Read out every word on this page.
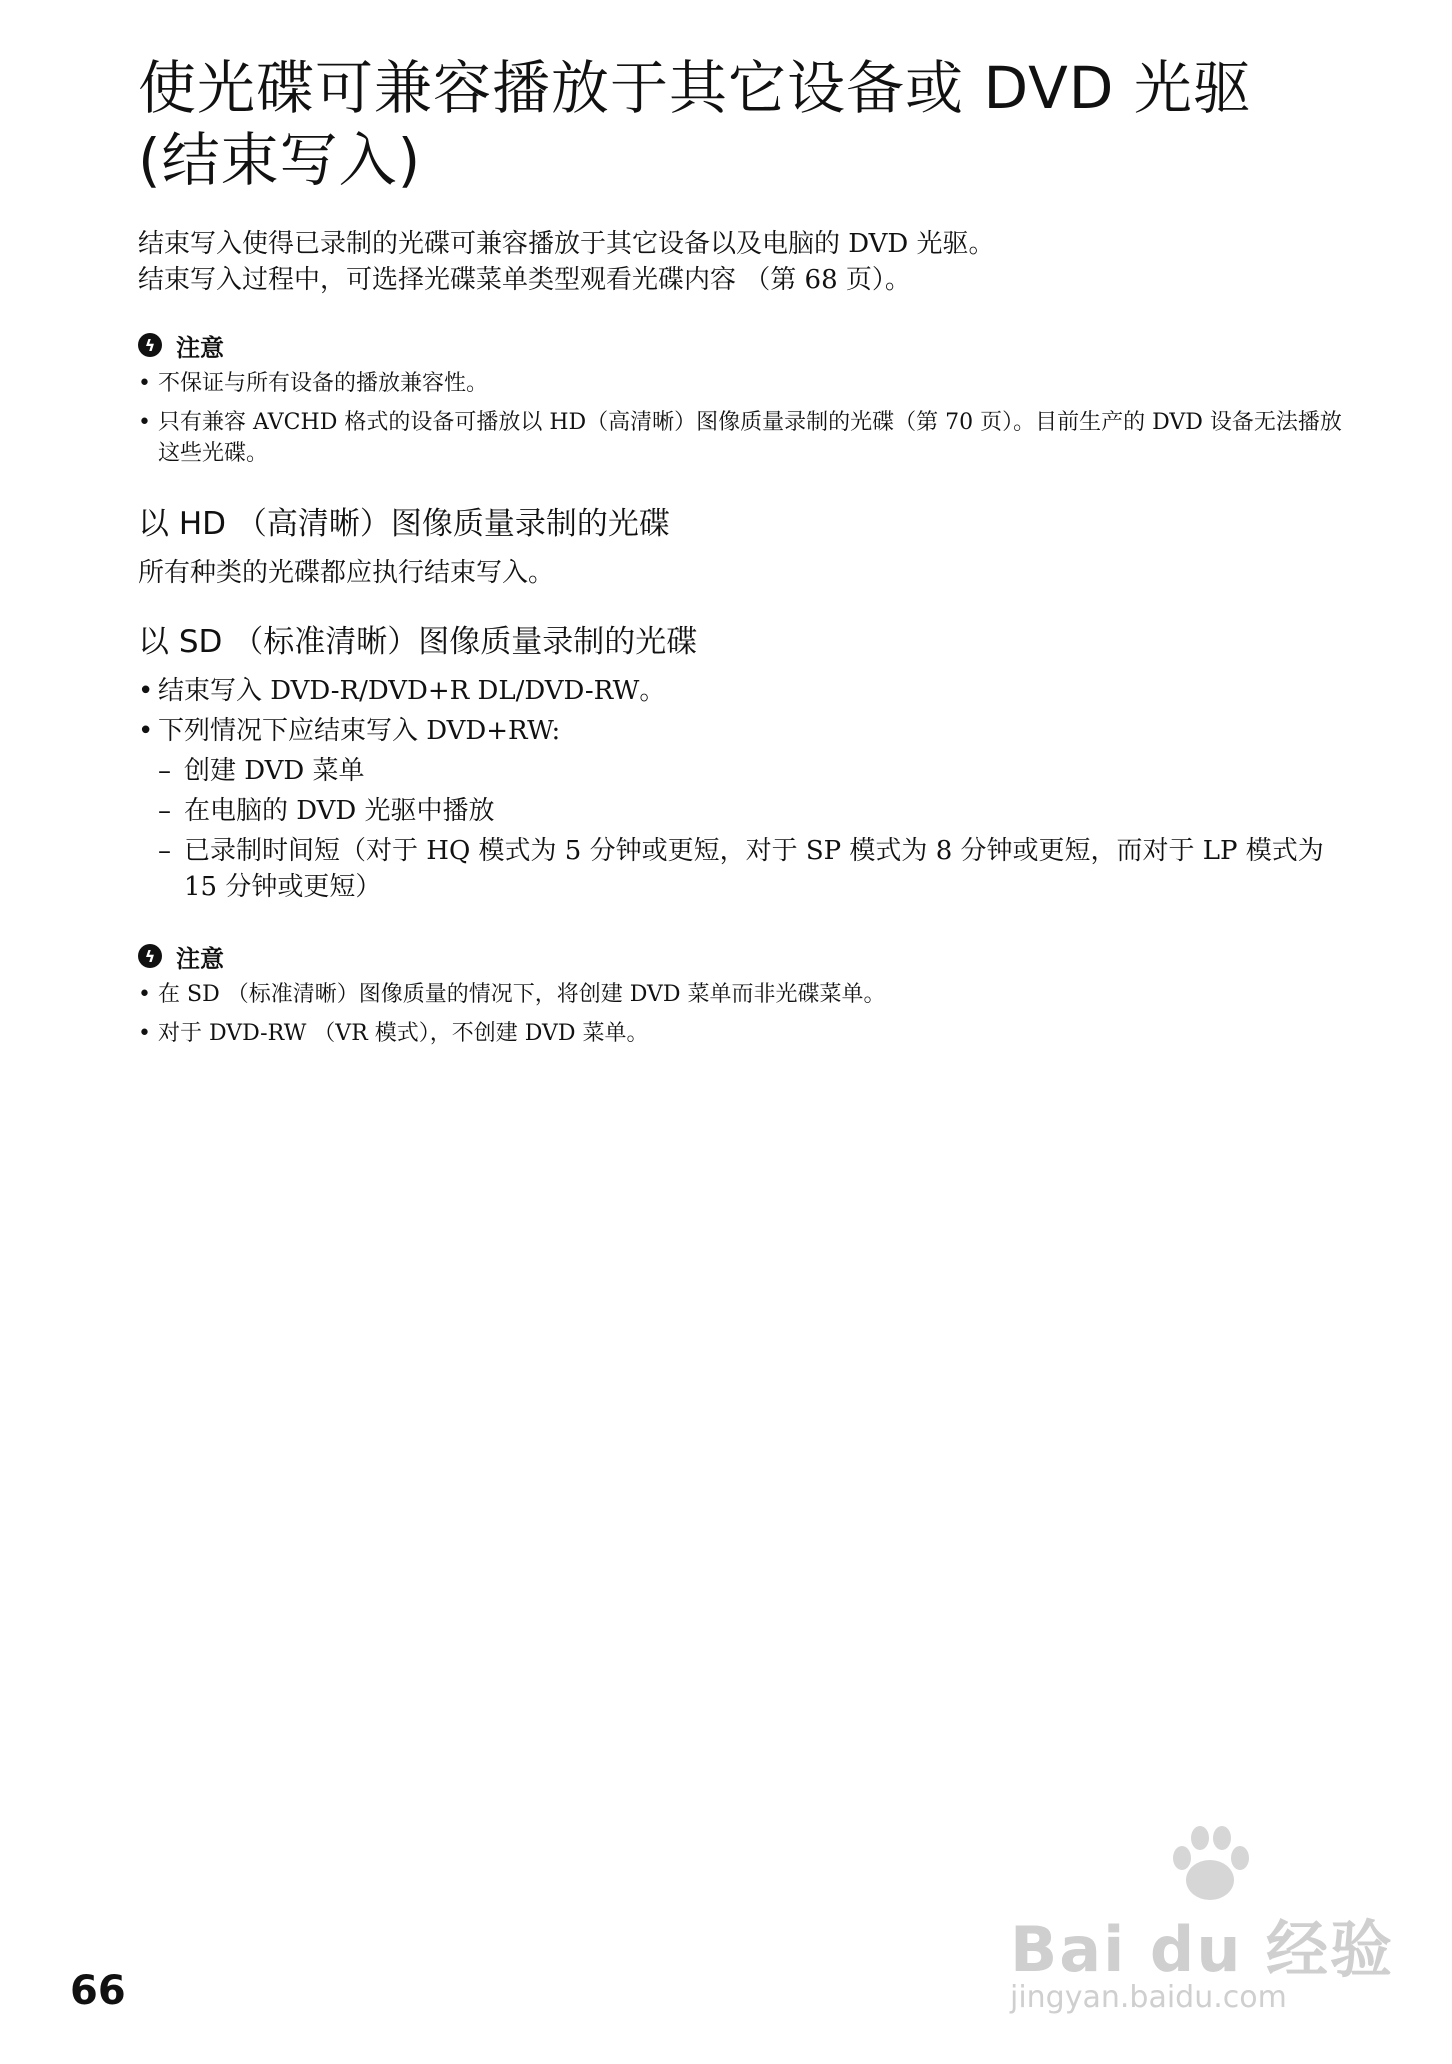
使光碟可兼容播放于其它设备或 DVD 光驱
(结束写入)

结束写入使得已录制的光碟可兼容播放于其它设备以及电脑的 DVD 光驱。

结束写入过程中，可选择光碟菜单类型观看光碟内容 （第 68 页）。

ϟ 注意
• 不保证与所有设备的播放兼容性。
• 只有兼容 AVCHD 格式的设备可播放以 HD（高清晰）图像质量录制的光碟（第 70 页）。目前生产的 DVD 设备无法播放这些光碟。
以 HD （高清晰）图像质量录制的光碟

所有种类的光碟都应执行结束写入。

以 SD （标准清晰）图像质量录制的光碟
• 结束写入 DVD-R/DVD+R DL/DVD-RW。
• 下列情况下应结束写入 DVD+RW:
– 创建 DVD 菜单
– 在电脑的 DVD 光驱中播放
– 已录制时间短（对于 HQ 模式为 5 分钟或更短，对于 SP 模式为 8 分钟或更短，而对于 LP 模式为 15 分钟或更短）
ϟ 注意
• 在 SD （标准清晰）图像质量的情况下，将创建 DVD 菜单而非光碟菜单。
• 对于 DVD-RW （VR 模式），不创建 DVD 菜单。
66
Bai du 经验
jingyan.baidu.com
